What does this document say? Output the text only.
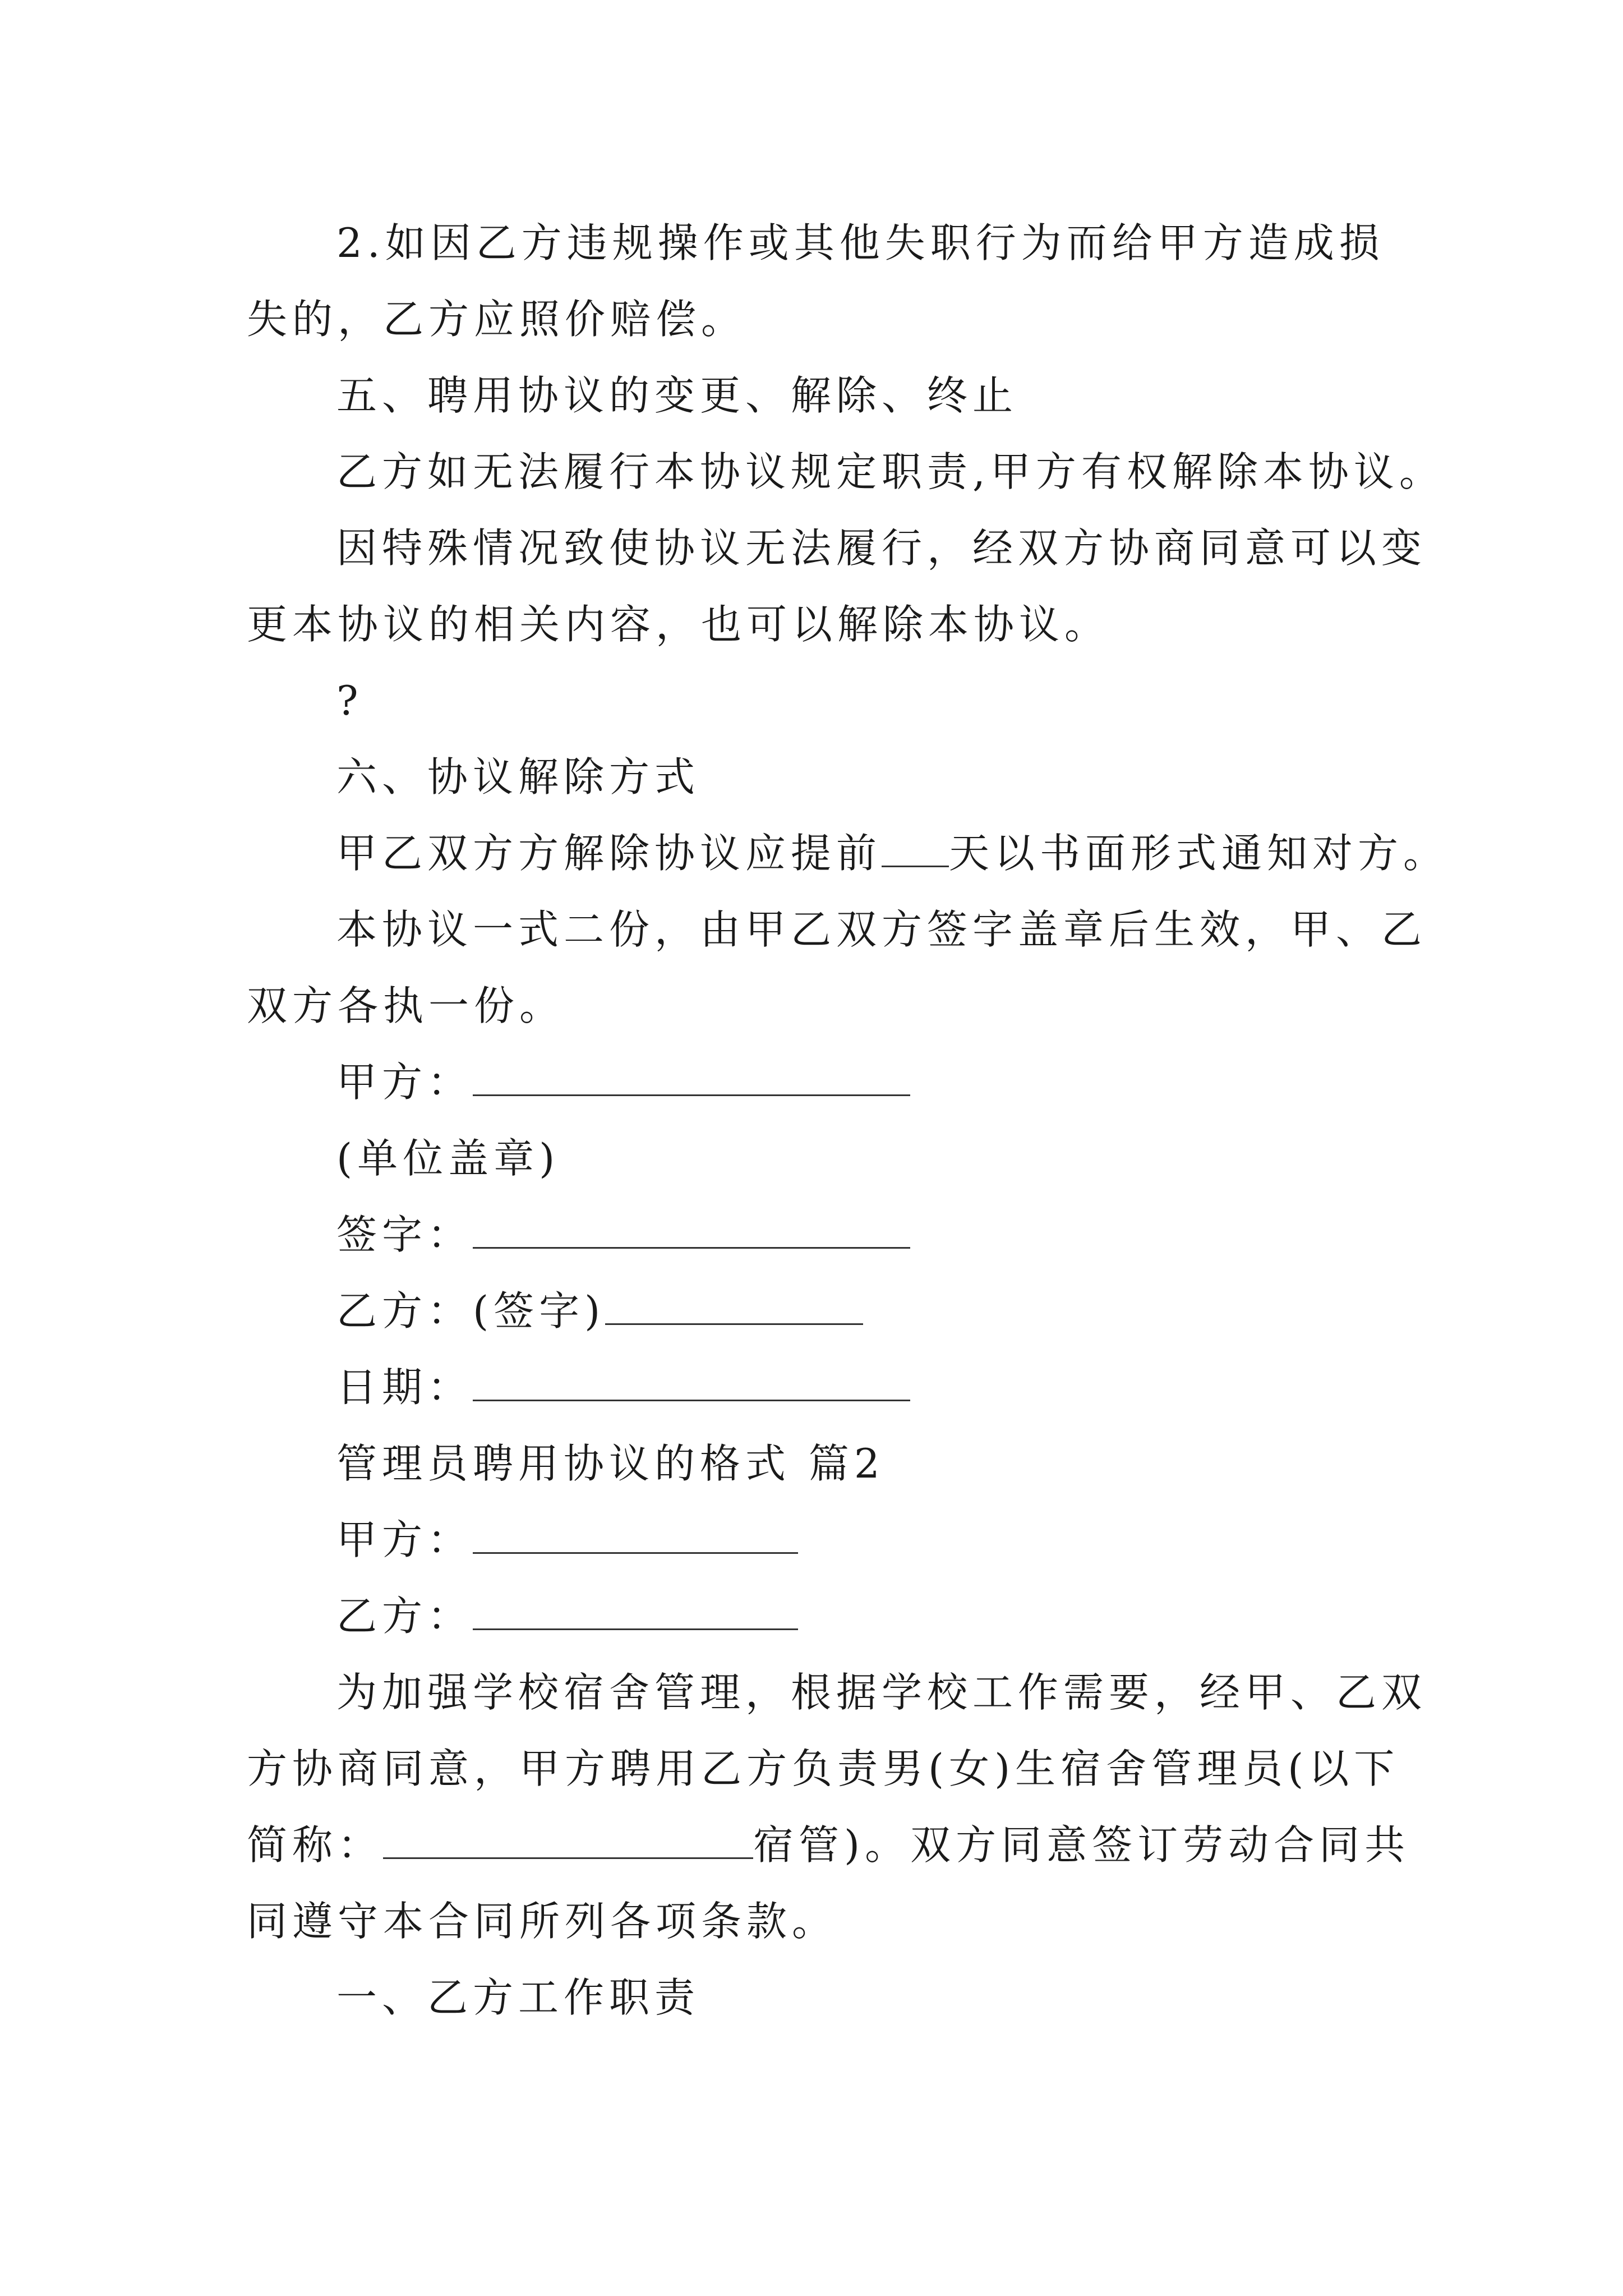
2.如因乙方违规操作或其他失职行为而给甲方造成损
失的，乙方应照价赔偿。
五、聘用协议的变更、解除、终止
乙方如无法履行本协议规定职责,甲方有权解除本协议。
因特殊情况致使协议无法履行，经双方协商同意可以变
更本协议的相关内容，也可以解除本协议。
?
六、协议解除方式
甲乙双方方解除协议应提前 天以书面形式通知对方。
本协议一式二份，由甲乙双方签字盖章后生效，甲、乙
双方各执一份。
甲方：
(单位盖章)
签字：
乙方：(签字)
日期：
管理员聘用协议的格式 篇2
甲方：
乙方：
为加强学校宿舍管理，根据学校工作需要，经甲、乙双
方协商同意，甲方聘用乙方负责男(女)生宿舍管理员(以下
简称：	宿管)。双方同意签订劳动合同共
同遵守本合同所列各项条款。
一、乙方工作职责
